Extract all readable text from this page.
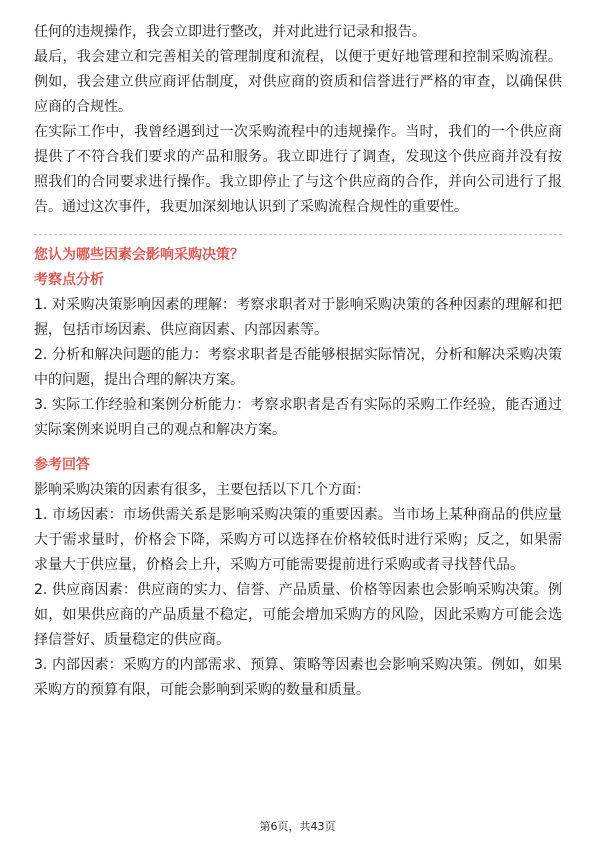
任何的违规操作，我会立即进行整改，并对此进行记录和报告。

最后，我会建立和完善相关的管理制度和流程，以便于更好地管理和控制采购流程。例如，我会建立供应商评估制度，对供应商的资质和信誉进行严格的审查，以确保供应商的合规性。

在实际工作中，我曾经遇到过一次采购流程中的违规操作。当时，我们的一个供应商提供了不符合我们要求的产品和服务。我立即进行了调查，发现这个供应商并没有按照我们的合同要求进行操作。我立即停止了与这个供应商的合作，并向公司进行了报告。通过这次事件，我更加深刻地认识到了采购流程合规性的重要性。

您认为哪些因素会影响采购决策？

考察点分析

1. 对采购决策影响因素的理解：考察求职者对于影响采购决策的各种因素的理解和把握，包括市场因素、供应商因素、内部因素等。

2. 分析和解决问题的能力：考察求职者是否能够根据实际情况，分析和解决采购决策中的问题，提出合理的解决方案。

3. 实际工作经验和案例分析能力：考察求职者是否有实际的采购工作经验，能否通过实际案例来说明自己的观点和解决方案。

参考回答

影响采购决策的因素有很多，主要包括以下几个方面：

1. 市场因素：市场供需关系是影响采购决策的重要因素。当市场上某种商品的供应量大于需求量时，价格会下降，采购方可以选择在价格较低时进行采购；反之，如果需求量大于供应量，价格会上升，采购方可能需要提前进行采购或者寻找替代品。

2. 供应商因素：供应商的实力、信誉、产品质量、价格等因素也会影响采购决策。例如，如果供应商的产品质量不稳定，可能会增加采购方的风险，因此采购方可能会选择信誉好、质量稳定的供应商。

3. 内部因素：采购方的内部需求、预算、策略等因素也会影响采购决策。例如，如果采购方的预算有限，可能会影响到采购的数量和质量。

第6页，共43页
